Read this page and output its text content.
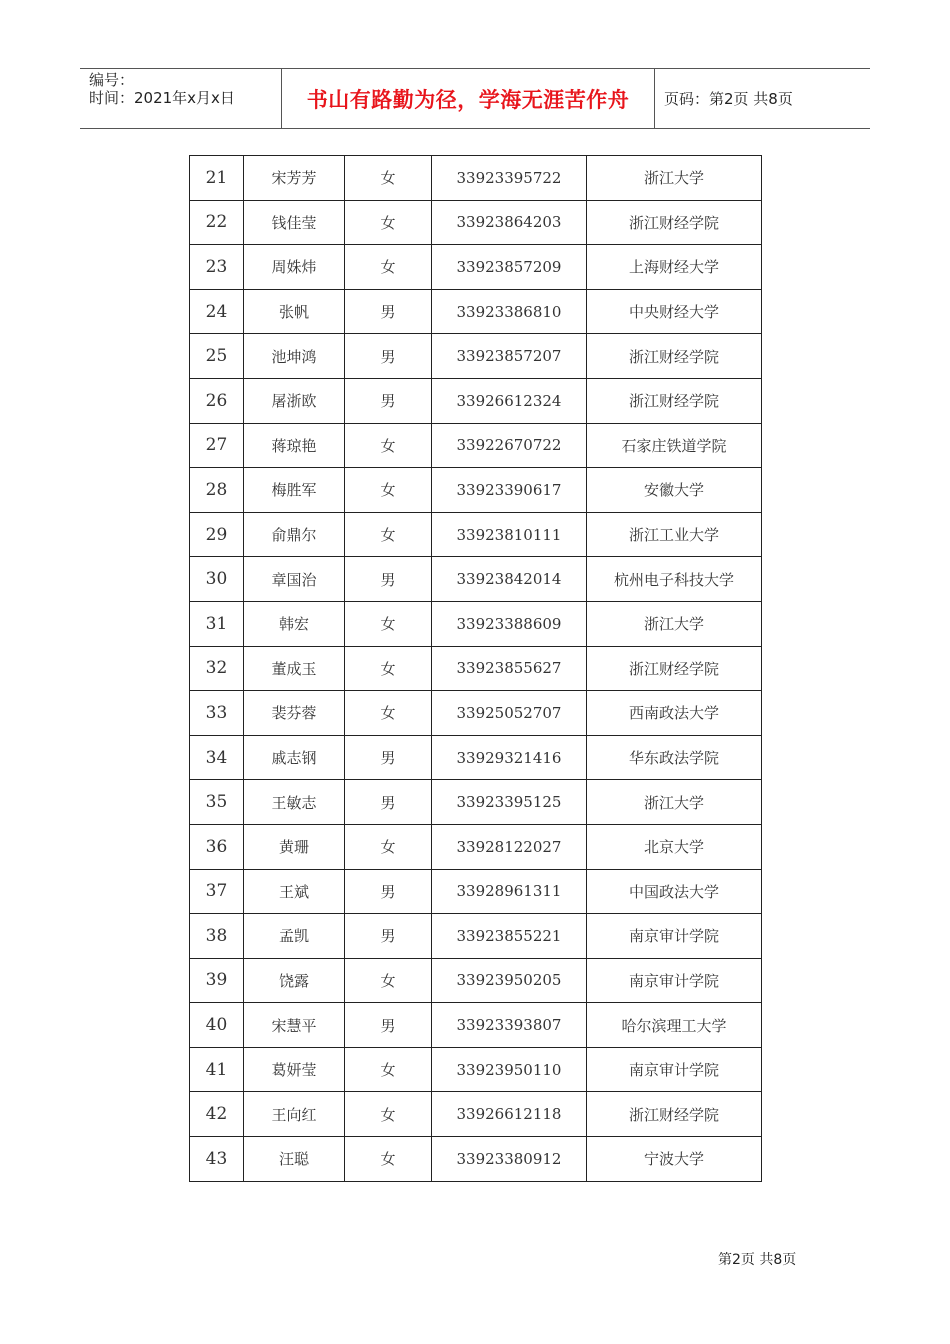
编号：
时间：2021年x月x日	书山有路勤为径，学海无涯苦作舟	页码：第2页 共8页
21	宋芳芳	女	33923395722	浙江大学
22	钱佳莹	女	33923864203	浙江财经学院
23	周姝炜	女	33923857209	上海财经大学
24	张帆	男	33923386810	中央财经大学
25	池坤鸿	男	33923857207	浙江财经学院
26	屠浙欧	男	33926612324	浙江财经学院
27	蒋琼艳	女	33922670722	石家庄铁道学院
28	梅胜军	女	33923390617	安徽大学
29	俞鼎尔	女	33923810111	浙江工业大学
30	章国治	男	33923842014	杭州电子科技大学
31	韩宏	女	33923388609	浙江大学
32	董成玉	女	33923855627	浙江财经学院
33	裴芬蓉	女	33925052707	西南政法大学
34	戚志钢	男	33929321416	华东政法学院
35	王敏志	男	33923395125	浙江大学
36	黄珊	女	33928122027	北京大学
37	王斌	男	33928961311	中国政法大学
38	孟凯	男	33923855221	南京审计学院
39	饶露	女	33923950205	南京审计学院
40	宋慧平	男	33923393807	哈尔滨理工大学
41	葛妍莹	女	33923950110	南京审计学院
42	王向红	女	33926612118	浙江财经学院
43	汪聪	女	33923380912	宁波大学
第2页 共8页
